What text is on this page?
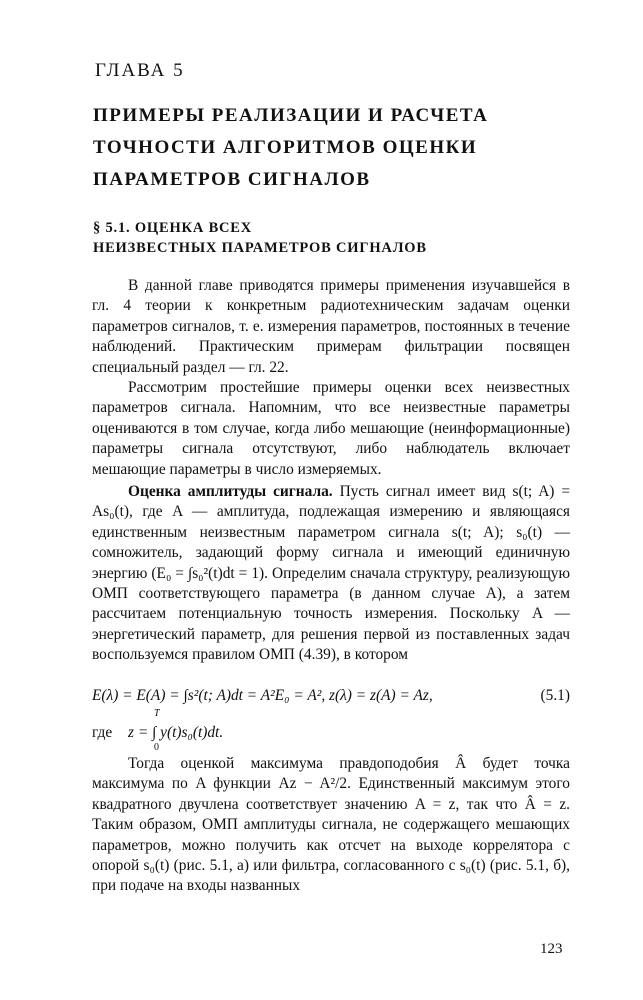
ГЛАВА 5
ПРИМЕРЫ РЕАЛИЗАЦИИ И РАСЧЕТА
ТОЧНОСТИ АЛГОРИТМОВ ОЦЕНКИ
ПАРАМЕТРОВ СИГНАЛОВ
§ 5.1. ОЦЕНКА ВСЕХ
НЕИЗВЕСТНЫХ ПАРАМЕТРОВ СИГНАЛОВ
В данной главе приводятся примеры применения изучавшейся в гл. 4 теории к конкретным радиотехническим задачам оценки параметров сигналов, т. е. измерения параметров, постоянных в течение наблюдений. Практическим примерам фильтрации посвящен специальный раздел — гл. 22.
Рассмотрим простейшие примеры оценки всех неизвестных параметров сигнала. Напомним, что все неизвестные параметры оцениваются в том случае, когда либо мешающие (неинформационные) параметры сигнала отсутствуют, либо наблюдатель включает мешающие параметры в число измеряемых.
Оценка амплитуды сигнала. Пусть сигнал имеет вид s(t; A) = As₀(t), где A — амплитуда, подлежащая измерению и являющаяся единственным неизвестным параметром сигнала s(t; A); s₀(t) — сомножитель, задающий форму сигнала и имеющий единичную энергию (E₀ = ∫s₀²(t)dt = 1). Определим сначала структуру, реализующую ОМП соответствующего параметра (в данном случае A), а затем рассчитаем потенциальную точность измерения. Поскольку A — энергетический параметр, для решения первой из поставленных задач воспользуемся правилом ОМП (4.39), в котором
E(λ) = E(A) = ∫s²(t; A)dt = A²E₀ = A², z(λ) = z(A) = Az,	(5.1)
где
T
z = ∫ y(t)s₀(t)dt.
0
Тогда оценкой максимума правдоподобия Â будет точка максимума по A функции Az − A²/2. Единственный максимум этого квадратного двучлена соответствует значению A = z, так что Â = z. Таким образом, ОМП амплитуды сигнала, не содержащего мешающих параметров, можно получить как отсчет на выходе коррелятора с опорой s₀(t) (рис. 5.1, а) или фильтра, согласованного с s₀(t) (рис. 5.1, б), при подаче на входы названных
123
